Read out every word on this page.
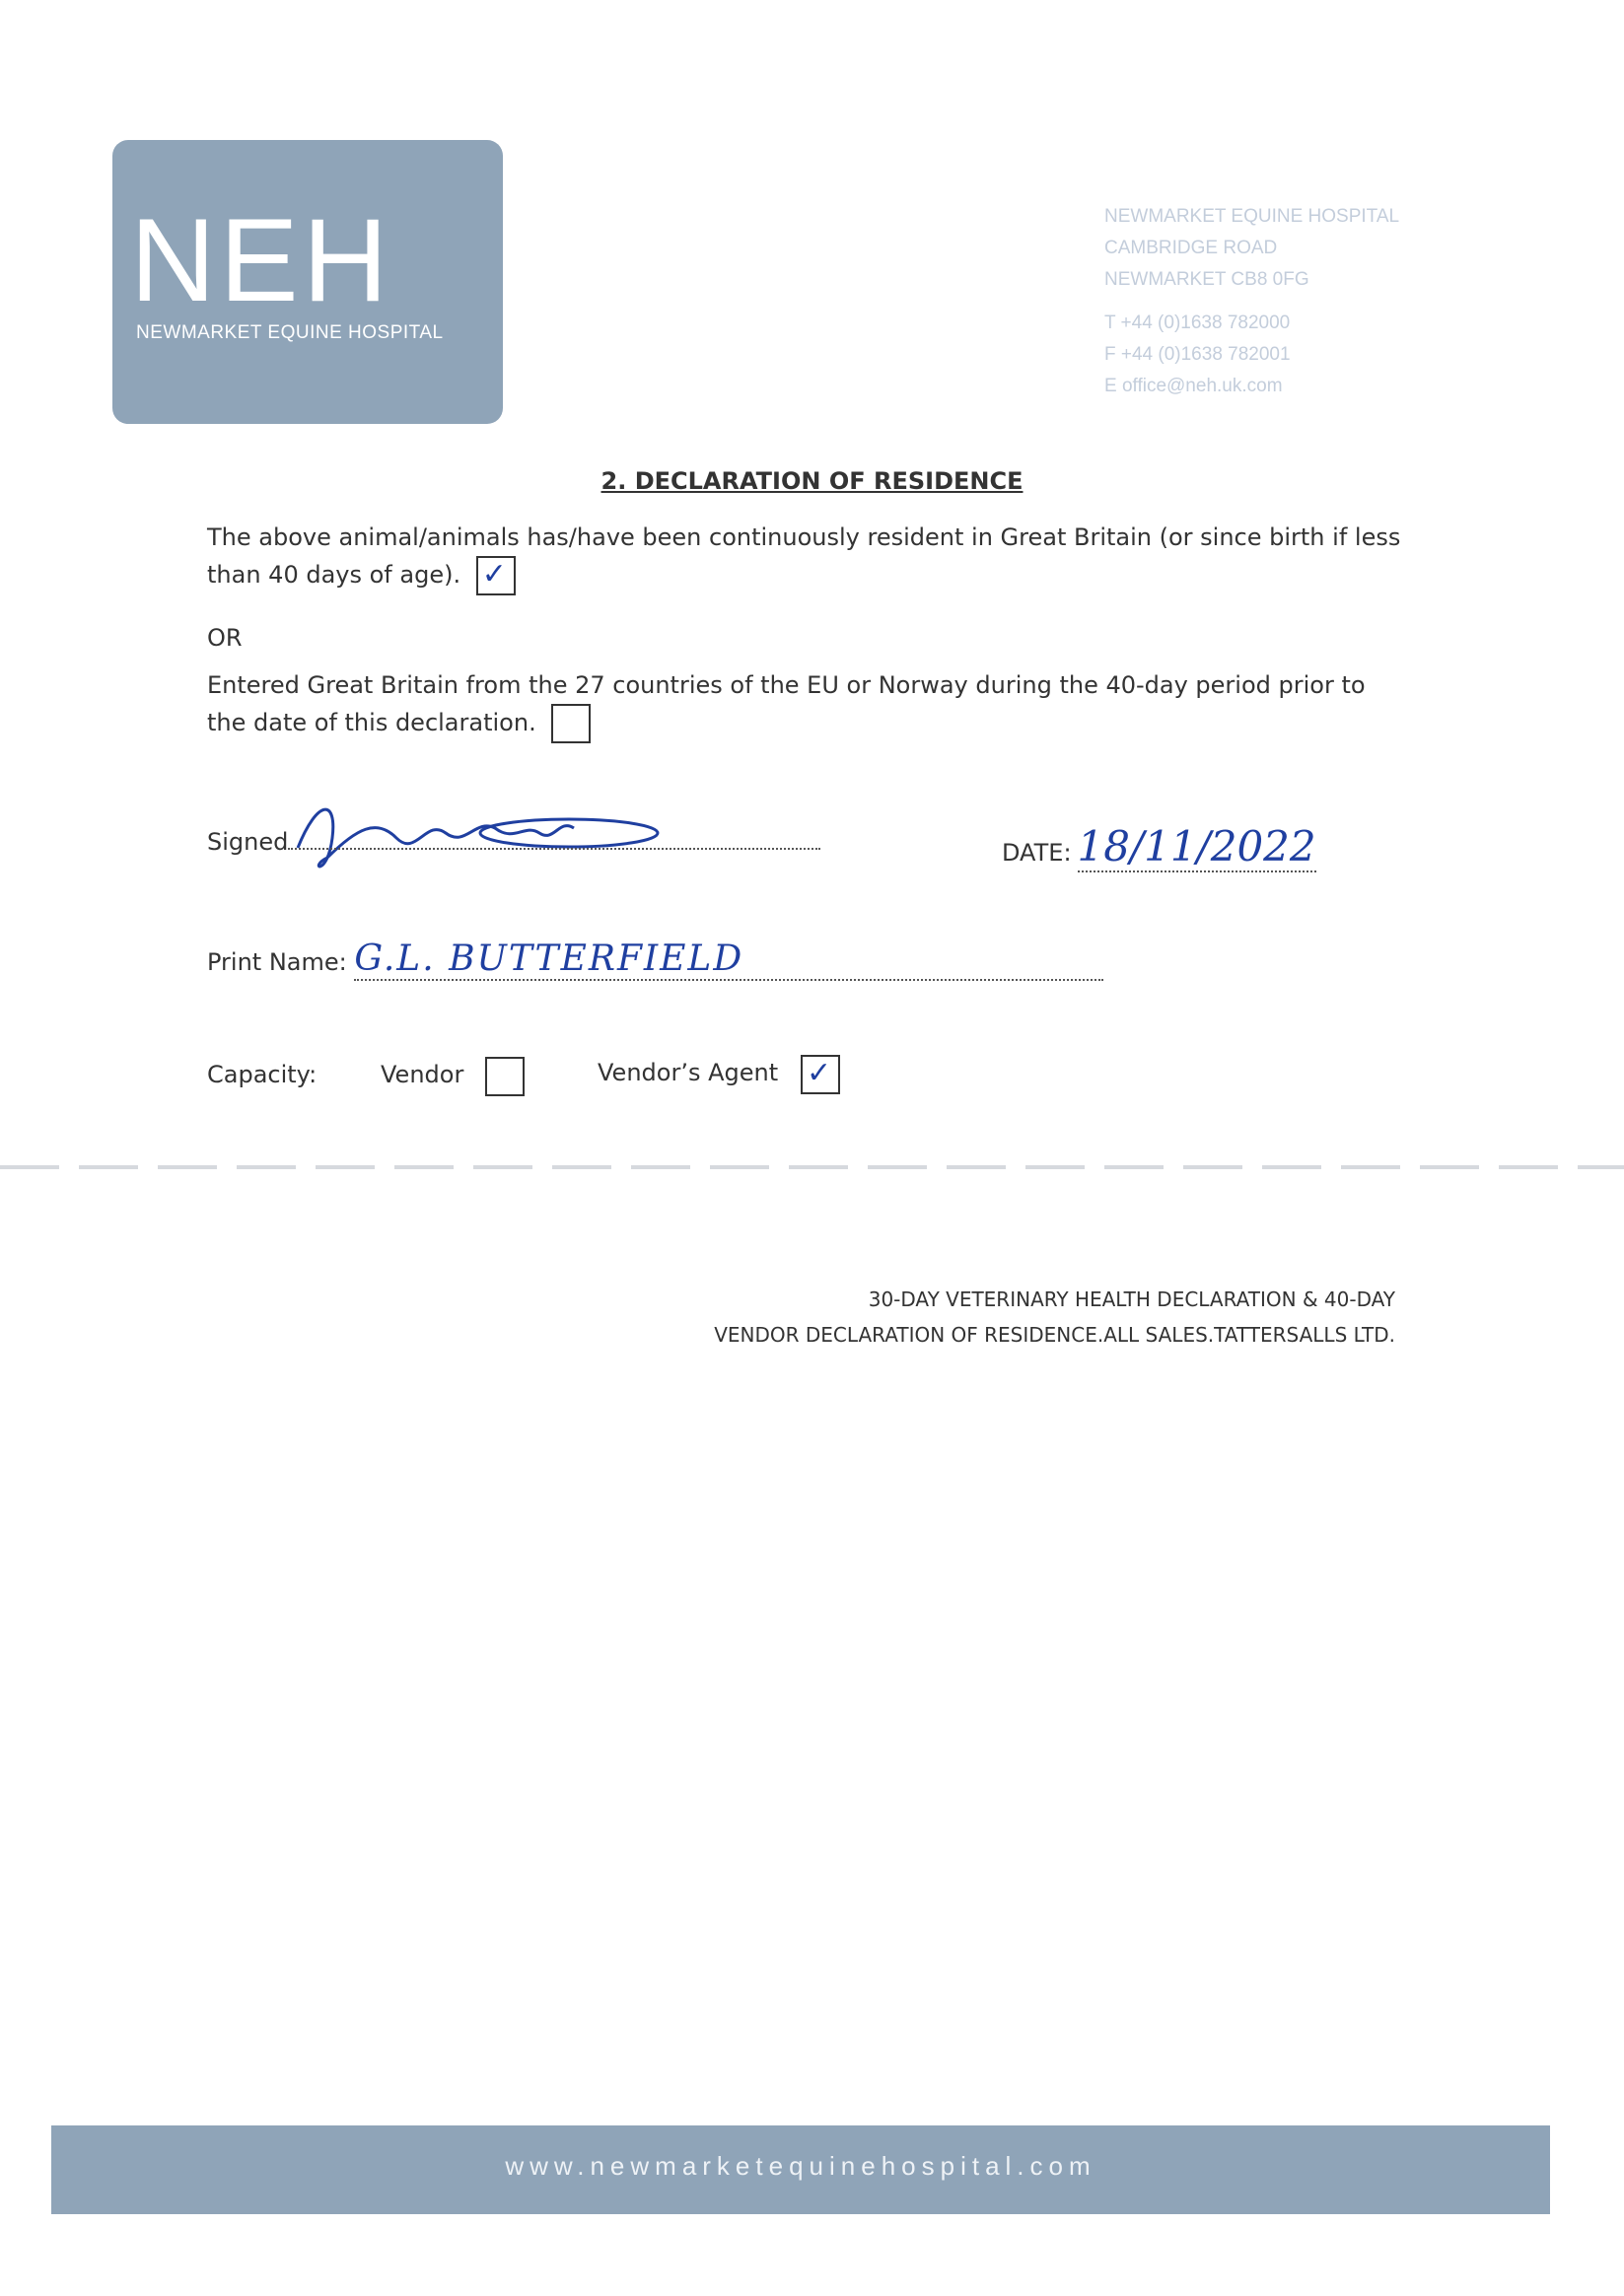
NEH
NEWMARKET EQUINE HOSPITAL
NEWMARKET EQUINE HOSPITAL
CAMBRIDGE ROAD
NEWMARKET CB8 0FG
T +44 (0)1638 782000
F +44 (0)1638 782001
E office@neh.uk.com
2. DECLARATION OF RESIDENCE
The above animal/animals has/have been continuously resident in Great Britain (or since birth if less than 40 days of age). ✓
OR
Entered Great Britain from the 27 countries of the EU or Norway during the 40-day period prior to the date of this declaration.
Signed	DATE: 18/11/2022
Print Name: G.L. BUTTERFIELD
Capacity:	Vendor	Vendor’s Agent ✓
30-DAY VETERINARY HEALTH DECLARATION & 40-DAY
VENDOR DECLARATION OF RESIDENCE.ALL SALES.TATTERSALLS LTD.
www.newmarketequinehospital.com
